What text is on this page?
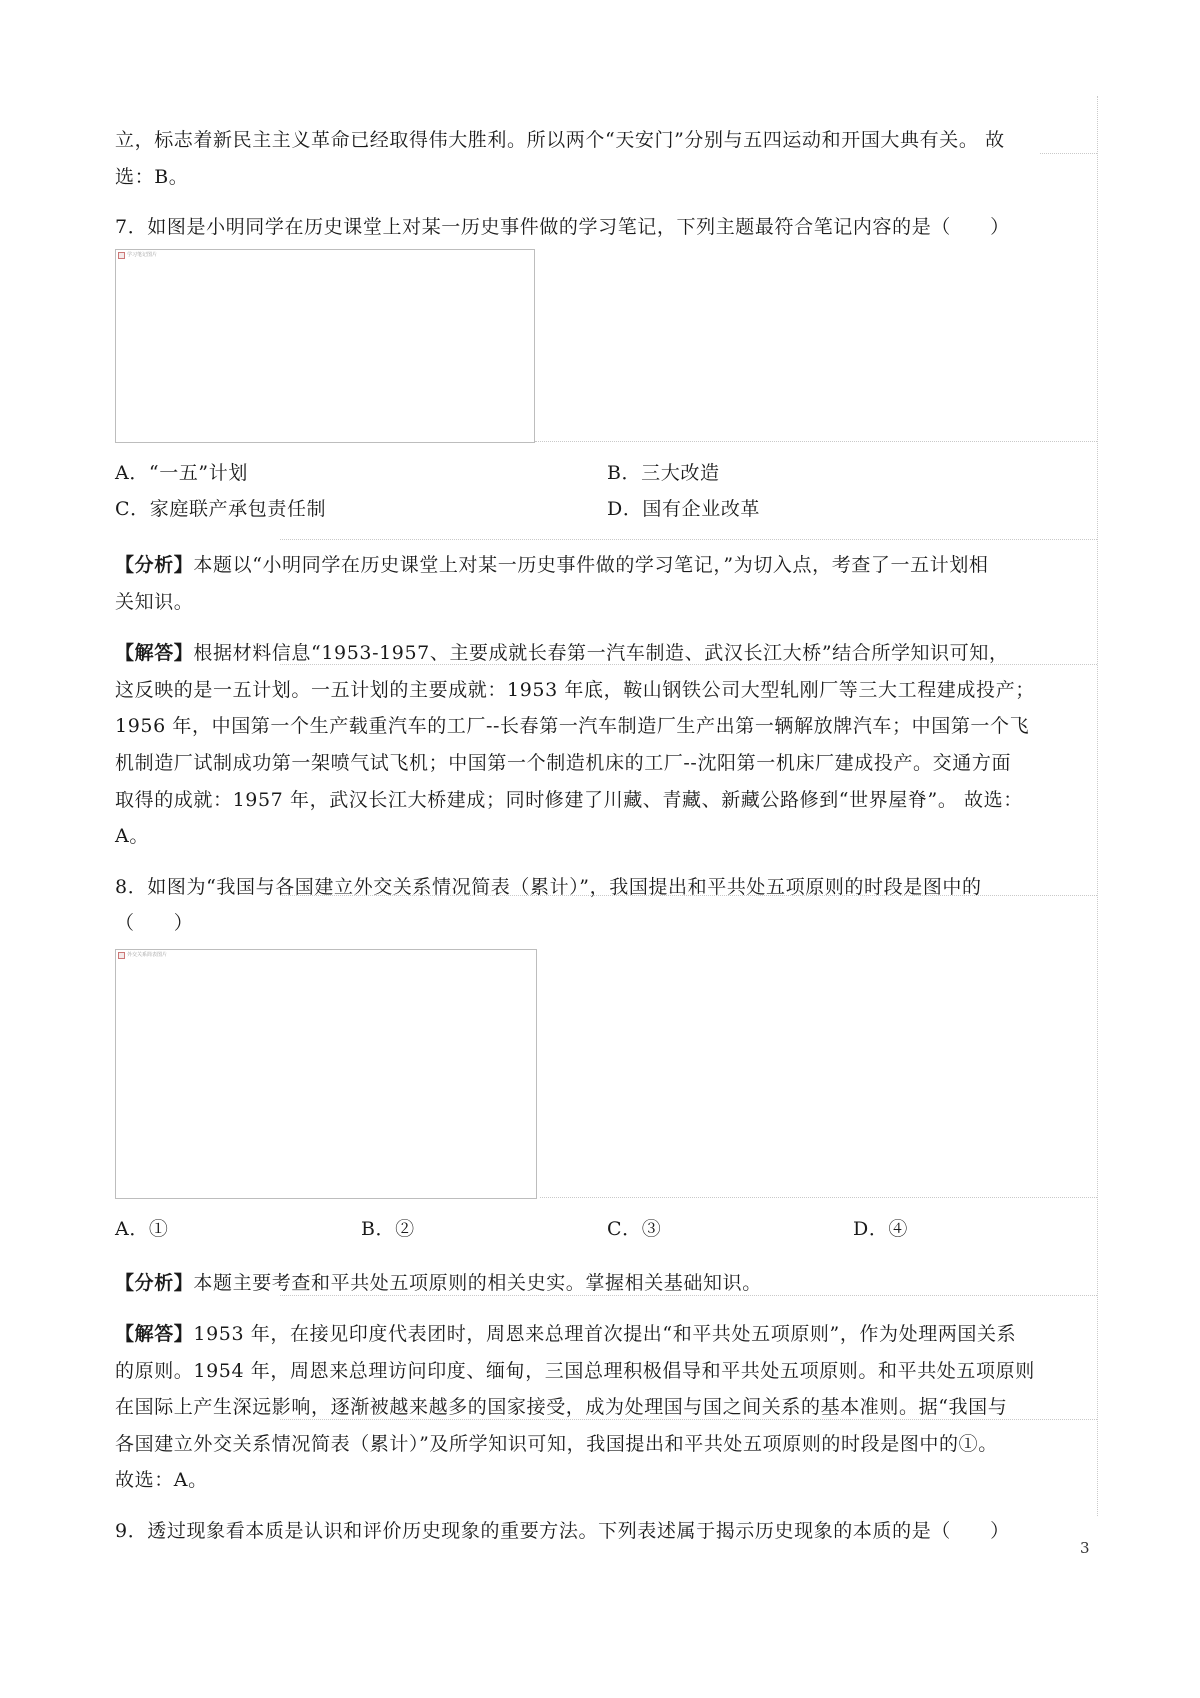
立，标志着新民主主义革命已经取得伟大胜利。所以两个“天安门”分别与五四运动和开国大典有关。 故
选：B。
7．如图是小明同学在历史课堂上对某一历史事件做的学习笔记，下列主题最符合笔记内容的是（　　）
学习笔记图片
A．“一五”计划	B．三大改造
C．家庭联产承包责任制	D．国有企业改革
【分析】本题以“小明同学在历史课堂上对某一历史事件做的学习笔记，”为切入点，考查了一五计划相
关知识。
【解答】根据材料信息“1953-1957、主要成就长春第一汽车制造、武汉长江大桥”结合所学知识可知，
这反映的是一五计划。一五计划的主要成就：1953 年底，鞍山钢铁公司大型轧刚厂等三大工程建成投产；
1956 年，中国第一个生产载重汽车的工厂--长春第一汽车制造厂生产出第一辆解放牌汽车；中国第一个飞
机制造厂试制成功第一架喷气试飞机；中国第一个制造机床的工厂--沈阳第一机床厂建成投产。交通方面
取得的成就：1957 年，武汉长江大桥建成；同时修建了川藏、青藏、新藏公路修到“世界屋脊”。 故选：
A。
8．如图为“我国与各国建立外交关系情况简表（累计）”，我国提出和平共处五项原则的时段是图中的
（　　）
外交关系简表图片
A．①	B．②	C．③	D．④
【分析】本题主要考查和平共处五项原则的相关史实。掌握相关基础知识。
【解答】1953 年，在接见印度代表团时，周恩来总理首次提出“和平共处五项原则”，作为处理两国关系
的原则。1954 年，周恩来总理访问印度、缅甸，三国总理积极倡导和平共处五项原则。和平共处五项原则
在国际上产生深远影响，逐渐被越来越多的国家接受，成为处理国与国之间关系的基本准则。据“我国与
各国建立外交关系情况简表（累计）”及所学知识可知，我国提出和平共处五项原则的时段是图中的①。
故选：A。
9．透过现象看本质是认识和评价历史现象的重要方法。下列表述属于揭示历史现象的本质的是（　　）
3
